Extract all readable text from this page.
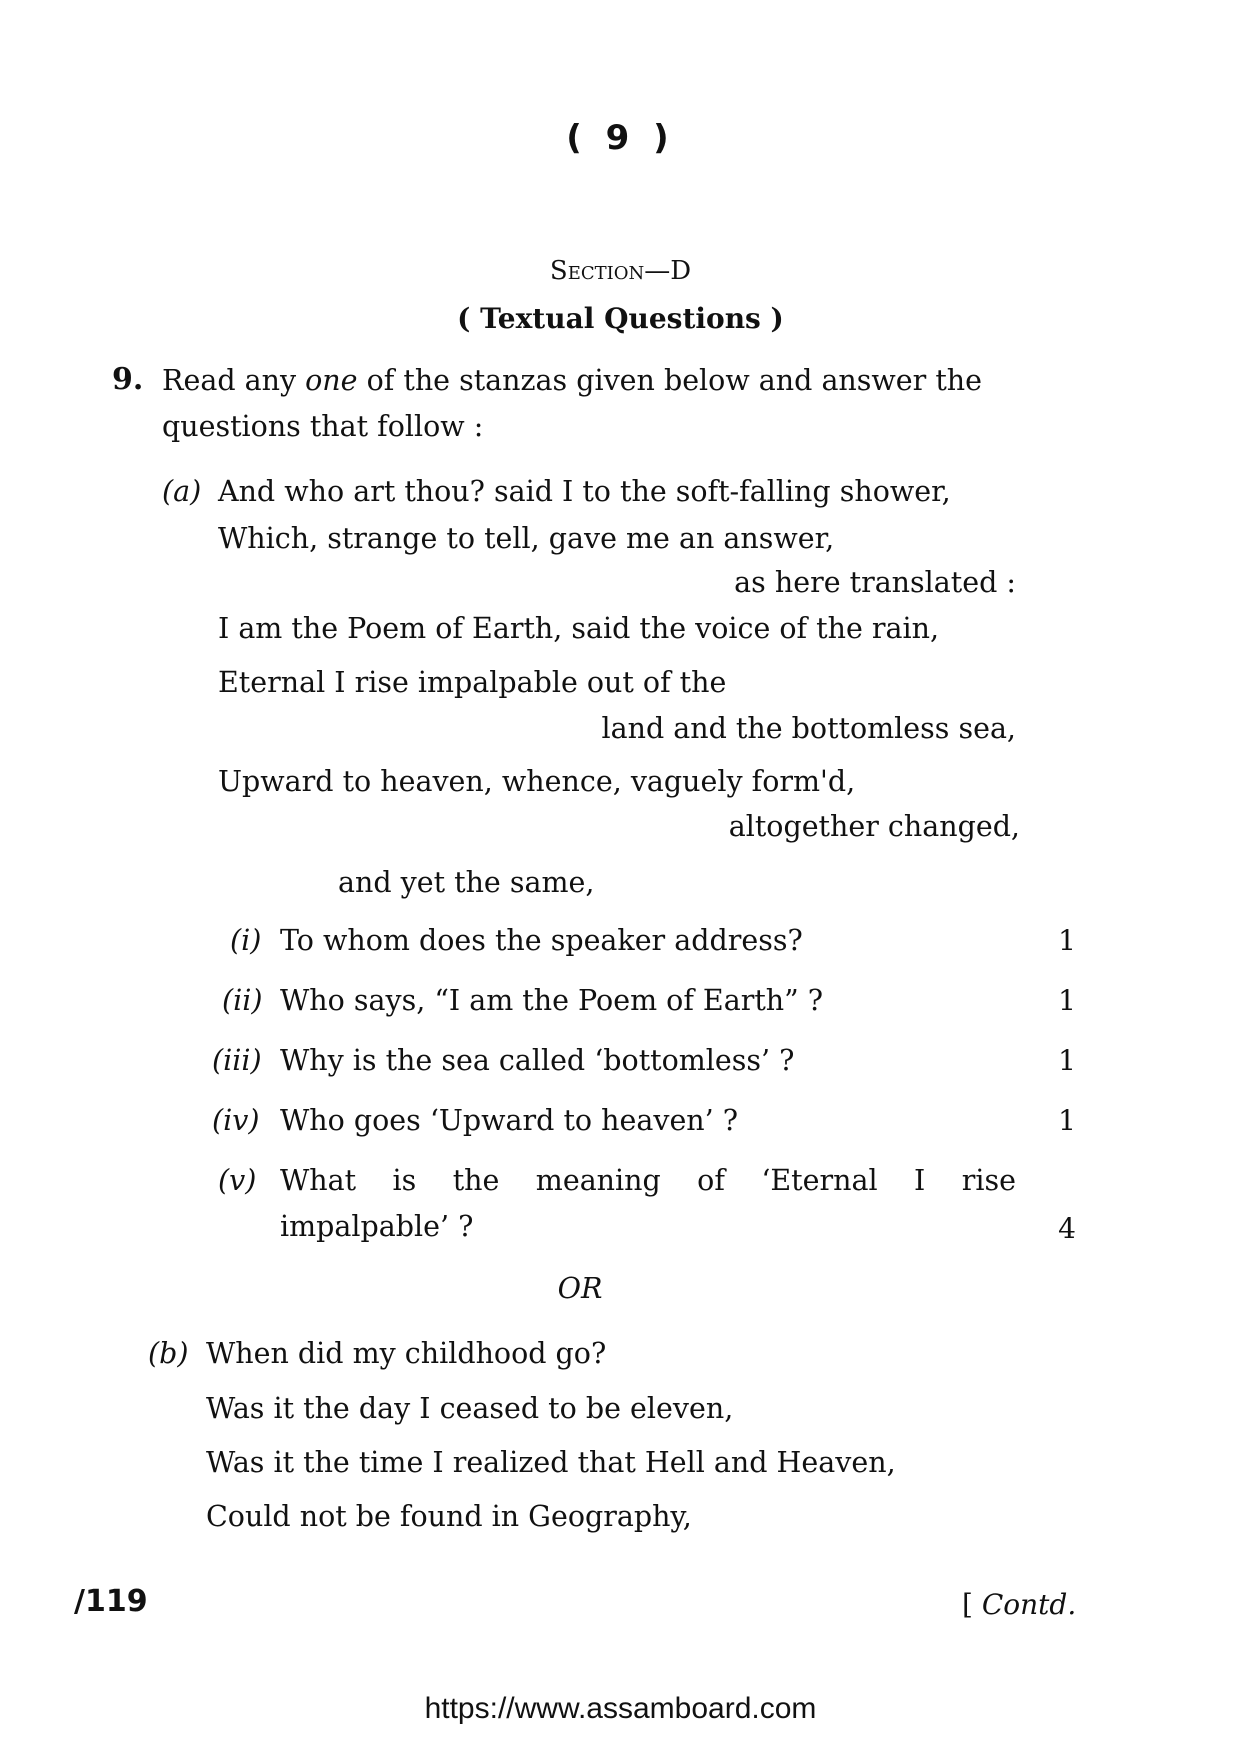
( 9 )
Section—D
( Textual Questions )
9. Read any one of the stanzas given below and answer the
questions that follow :
(a) And who art thou? said I to the soft-falling shower,
Which, strange to tell, gave me an answer,
as here translated :
I am the Poem of Earth, said the voice of the rain,
Eternal I rise impalpable out of the
land and the bottomless sea,
Upward to heaven, whence, vaguely form'd,
altogether changed,
and yet the same,
(i) To whom does the speaker address?	1
(ii) Who says, “I am the Poem of Earth” ?	1
(iii) Why is the sea called ‘bottomless’ ?	1
(iv) Who goes ‘Upward to heaven’ ?	1
(v) What is the meaning of ‘Eternal I rise
impalpable’ ?	4
OR
(b) When did my childhood go?
Was it the day I ceased to be eleven,
Was it the time I realized that Hell and Heaven,
Could not be found in Geography,
/119	[ Contd.
https://www.assamboard.com
